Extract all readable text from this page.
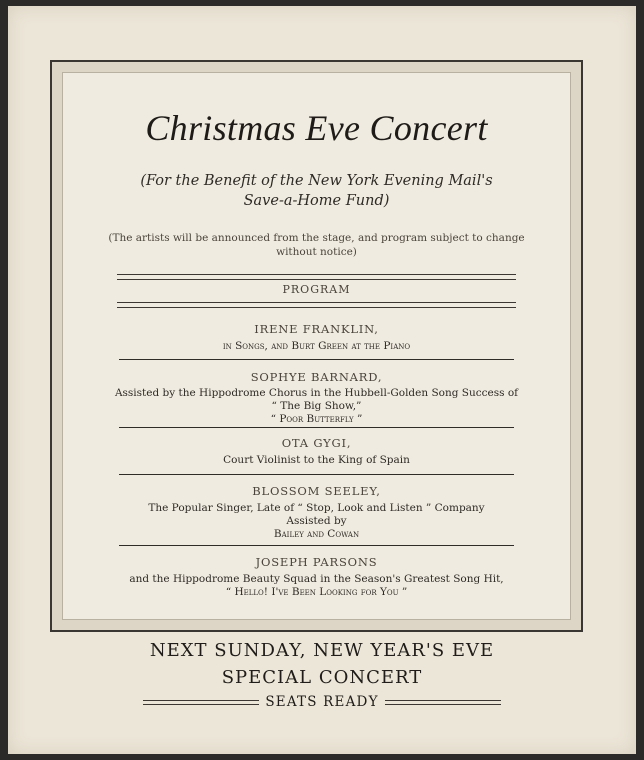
Christmas Eve Concert
(For the Benefit of the New York Evening Mail's
Save-a-Home Fund)
(The artists will be announced from the stage, and program subject to change
without notice)
PROGRAM
IRENE FRANKLIN,
in Songs, and Burt Green at the Piano
SOPHYE BARNARD,
Assisted by the Hippodrome Chorus in the Hubbell-Golden Song Success of
“ The Big Show,”
“ Poor Butterfly ”
OTA GYGI,
Court Violinist to the King of Spain
BLOSSOM SEELEY,
The Popular Singer, Late of “ Stop, Look and Listen ” Company
Assisted by
Bailey and Cowan
JOSEPH PARSONS
and the Hippodrome Beauty Squad in the Season's Greatest Song Hit,
“ Hello! I've Been Looking for You ”
NEXT SUNDAY, NEW YEAR'S EVE
SPECIAL CONCERT
SEATS READY
